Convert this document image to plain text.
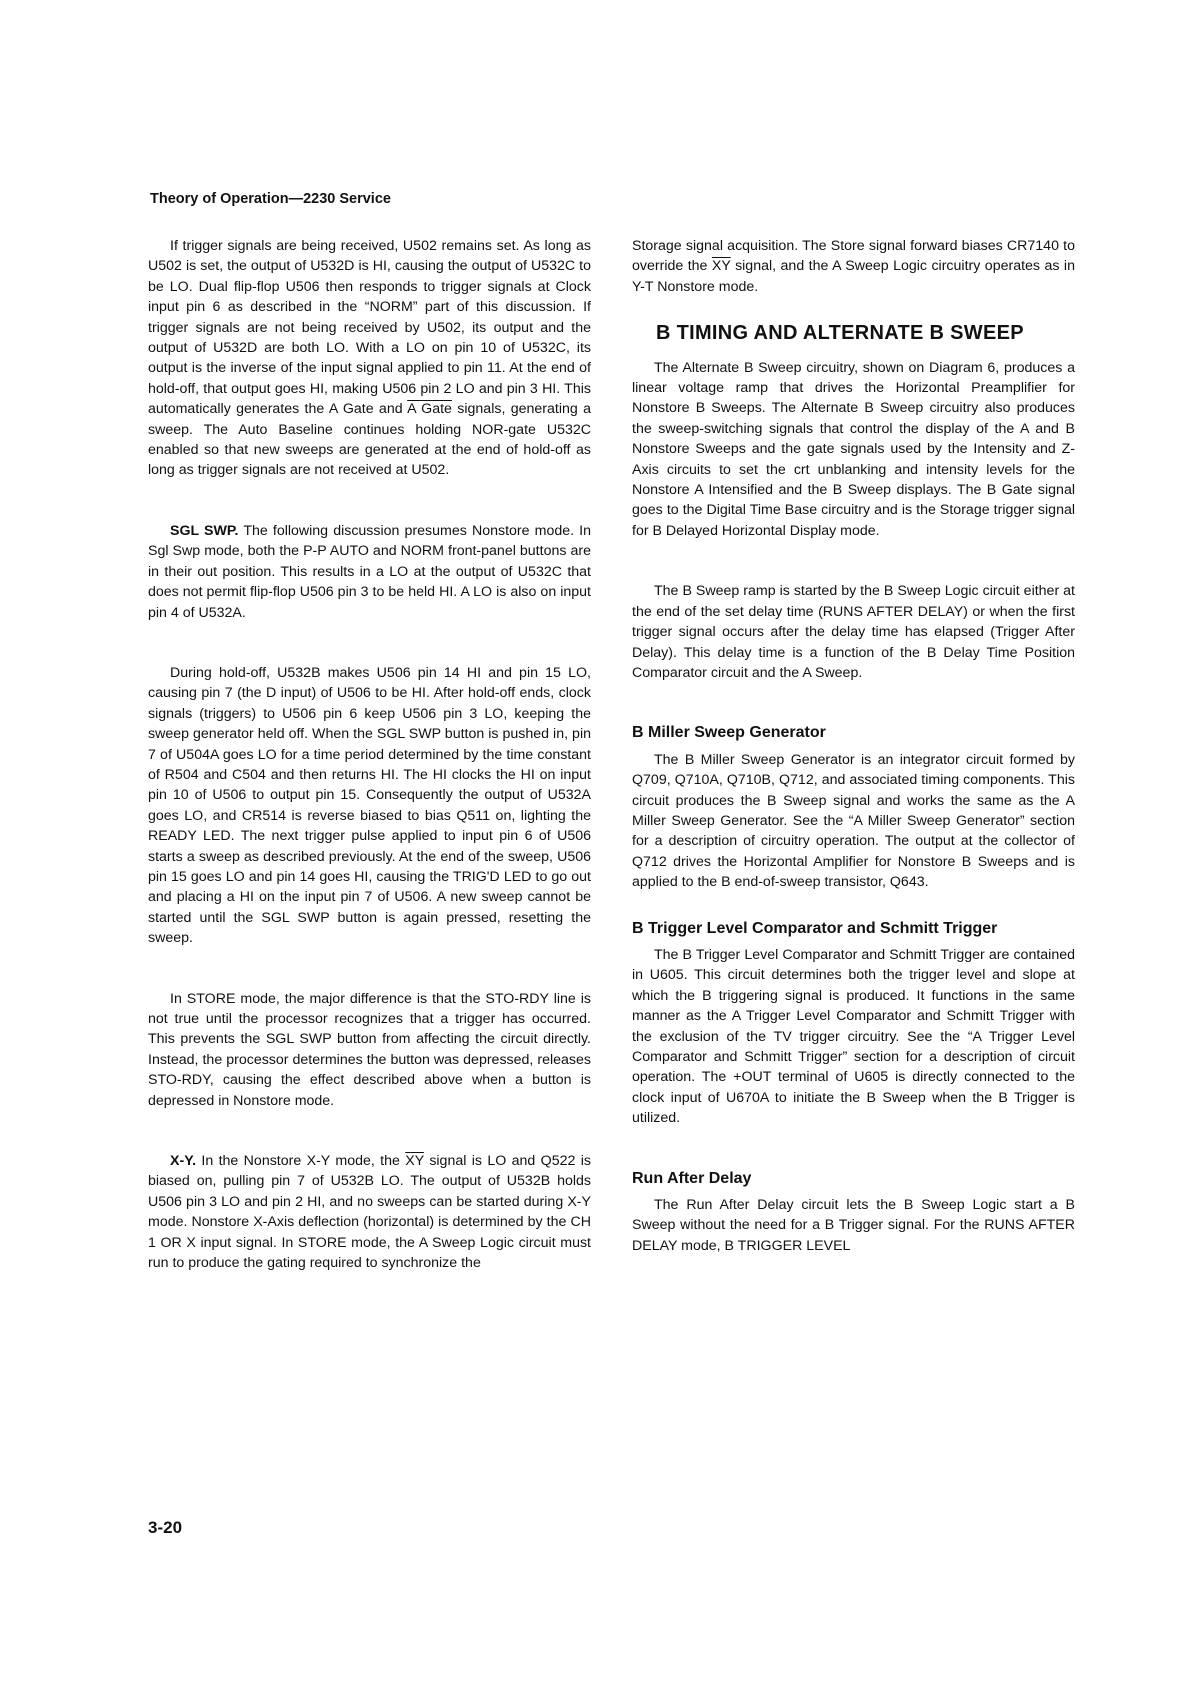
Theory of Operation—2230 Service

If trigger signals are being received, U502 remains set. As long as U502 is set, the output of U532D is HI, causing the output of U532C to be LO. Dual flip-flop U506 then responds to trigger signals at Clock input pin 6 as described in the “NORM” part of this discussion. If trigger signals are not being received by U502, its output and the output of U532D are both LO. With a LO on pin 10 of U532C, its output is the inverse of the input signal applied to pin 11. At the end of hold-off, that output goes HI, making U506 pin 2 LO and pin 3 HI. This automatically generates the A Gate and A Gate signals, generating a sweep. The Auto Baseline continues holding NOR-gate U532C enabled so that new sweeps are generated at the end of hold-off as long as trigger signals are not received at U502.

SGL SWP. The following discussion presumes Nonstore mode. In Sgl Swp mode, both the P-P AUTO and NORM front-panel buttons are in their out position. This results in a LO at the output of U532C that does not permit flip-flop U506 pin 3 to be held HI. A LO is also on input pin 4 of U532A.

During hold-off, U532B makes U506 pin 14 HI and pin 15 LO, causing pin 7 (the D input) of U506 to be HI. After hold-off ends, clock signals (triggers) to U506 pin 6 keep U506 pin 3 LO, keeping the sweep generator held off. When the SGL SWP button is pushed in, pin 7 of U504A goes LO for a time period determined by the time constant of R504 and C504 and then returns HI. The HI clocks the HI on input pin 10 of U506 to output pin 15. Consequently the output of U532A goes LO, and CR514 is reverse biased to bias Q511 on, lighting the READY LED. The next trigger pulse applied to input pin 6 of U506 starts a sweep as described previously. At the end of the sweep, U506 pin 15 goes LO and pin 14 goes HI, causing the TRIG'D LED to go out and placing a HI on the input pin 7 of U506. A new sweep cannot be started until the SGL SWP button is again pressed, resetting the sweep.

In STORE mode, the major difference is that the STO-RDY line is not true until the processor recognizes that a trigger has occurred. This prevents the SGL SWP button from affecting the circuit directly. Instead, the processor determines the button was depressed, releases STO-RDY, causing the effect described above when a button is depressed in Nonstore mode.

X-Y. In the Nonstore X-Y mode, the $\overline{XY}$ signal is LO and Q522 is biased on, pulling pin 7 of U532B LO. The output of U532B holds U506 pin 3 LO and pin 2 HI, and no sweeps can be started during X-Y mode. Nonstore X-Axis deflection (horizontal) is determined by the CH 1 OR X input signal. In STORE mode, the A Sweep Logic circuit must run to produce the gating required to synchronize the

Storage signal acquisition. The Store signal forward biases CR7140 to override the $\overline{XY}$ signal, and the A Sweep Logic circuitry operates as in Y-T Nonstore mode.

B TIMING AND ALTERNATE B SWEEP

The Alternate B Sweep circuitry, shown on Diagram 6, produces a linear voltage ramp that drives the Horizontal Preamplifier for Nonstore B Sweeps. The Alternate B Sweep circuitry also produces the sweep-switching signals that control the display of the A and B Nonstore Sweeps and the gate signals used by the Intensity and Z-Axis circuits to set the crt unblanking and intensity levels for the Nonstore A Intensified and the B Sweep displays. The B Gate signal goes to the Digital Time Base circuitry and is the Storage trigger signal for B Delayed Horizontal Display mode.

The B Sweep ramp is started by the B Sweep Logic circuit either at the end of the set delay time (RUNS AFTER DELAY) or when the first trigger signal occurs after the delay time has elapsed (Trigger After Delay). This delay time is a function of the B Delay Time Position Comparator circuit and the A Sweep.

B Miller Sweep Generator

The B Miller Sweep Generator is an integrator circuit formed by Q709, Q710A, Q710B, Q712, and associated timing components. This circuit produces the B Sweep signal and works the same as the A Miller Sweep Generator. See the “A Miller Sweep Generator” section for a description of circuitry operation. The output at the collector of Q712 drives the Horizontal Amplifier for Nonstore B Sweeps and is applied to the B end-of-sweep transistor, Q643.

B Trigger Level Comparator and Schmitt Trigger

The B Trigger Level Comparator and Schmitt Trigger are contained in U605. This circuit determines both the trigger level and slope at which the B triggering signal is produced. It functions in the same manner as the A Trigger Level Comparator and Schmitt Trigger with the exclusion of the TV trigger circuitry. See the “A Trigger Level Comparator and Schmitt Trigger” section for a description of circuit operation. The +OUT terminal of U605 is directly connected to the clock input of U670A to initiate the B Sweep when the B Trigger is utilized.

Run After Delay

The Run After Delay circuit lets the B Sweep Logic start a B Sweep without the need for a B Trigger signal. For the RUNS AFTER DELAY mode, B TRIGGER LEVEL

3-20
